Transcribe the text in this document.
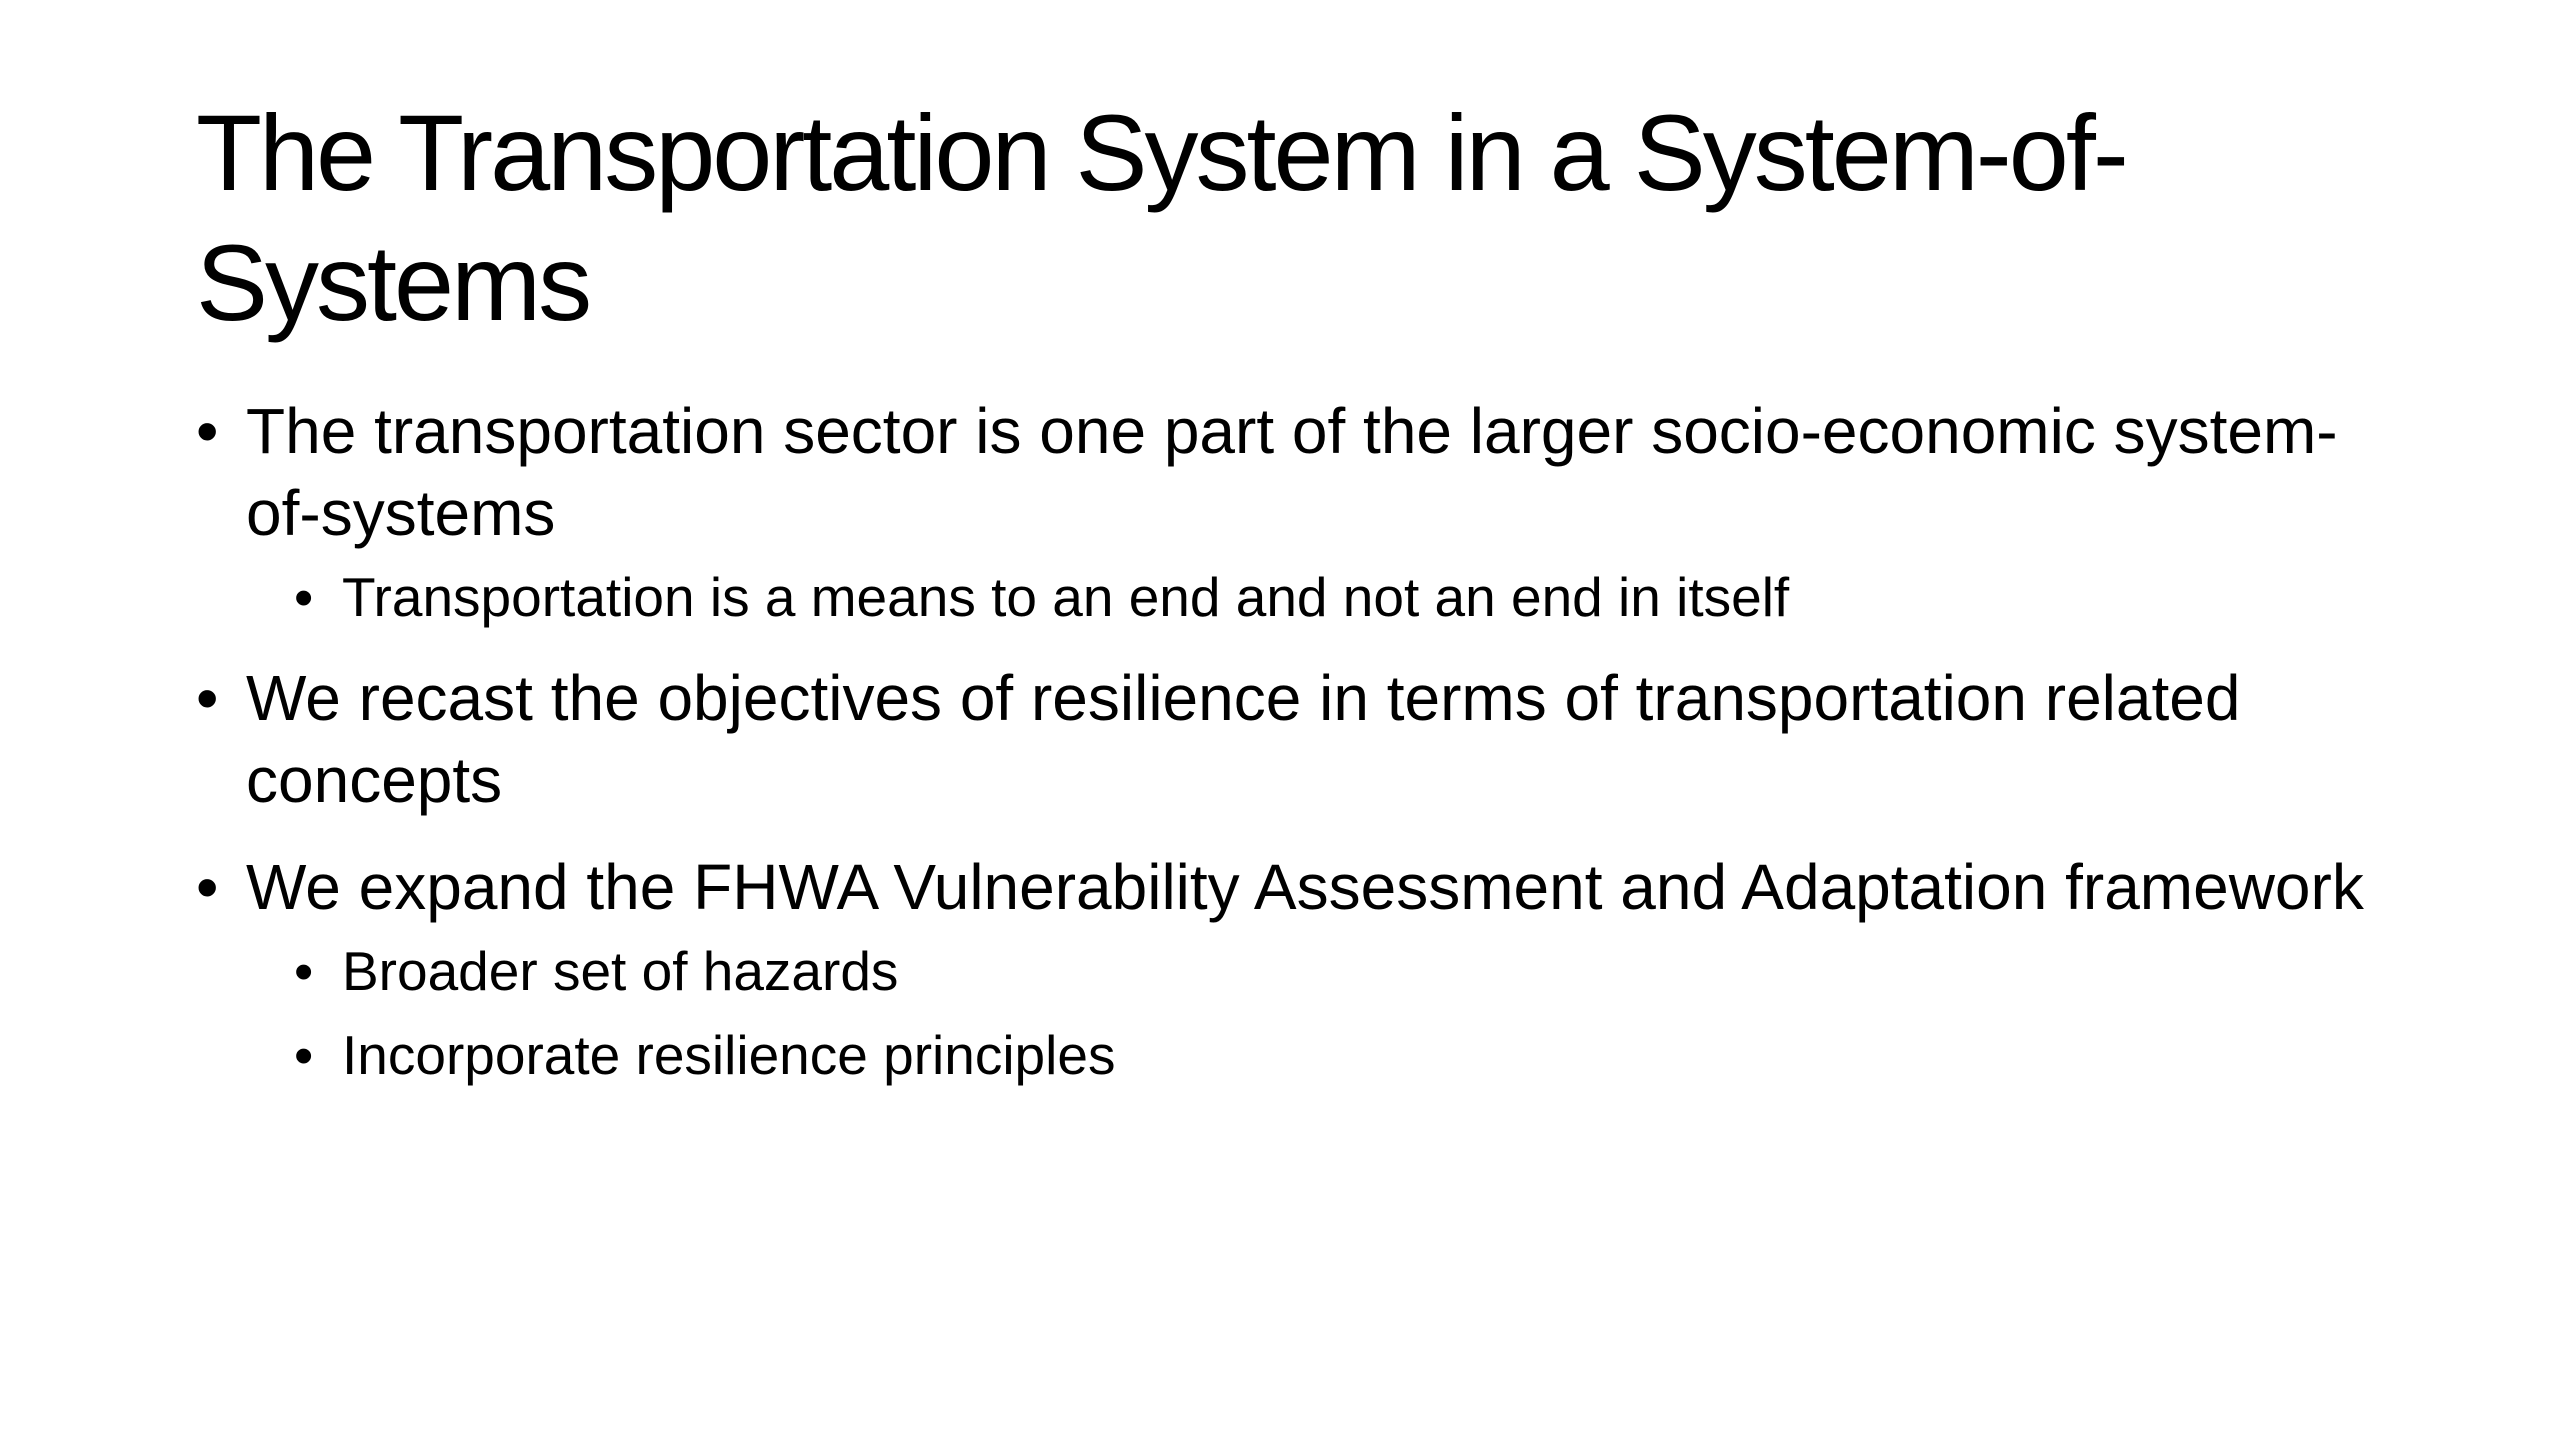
The Transportation System in a System-of-Systems
• The transportation sector is one part of the larger socio-economic system-of-systems
• Transportation is a means to an end and not an end in itself
• We recast the objectives of resilience in terms of transportation related concepts
• We expand the FHWA Vulnerability Assessment and Adaptation framework
• Broader set of hazards
• Incorporate resilience principles
